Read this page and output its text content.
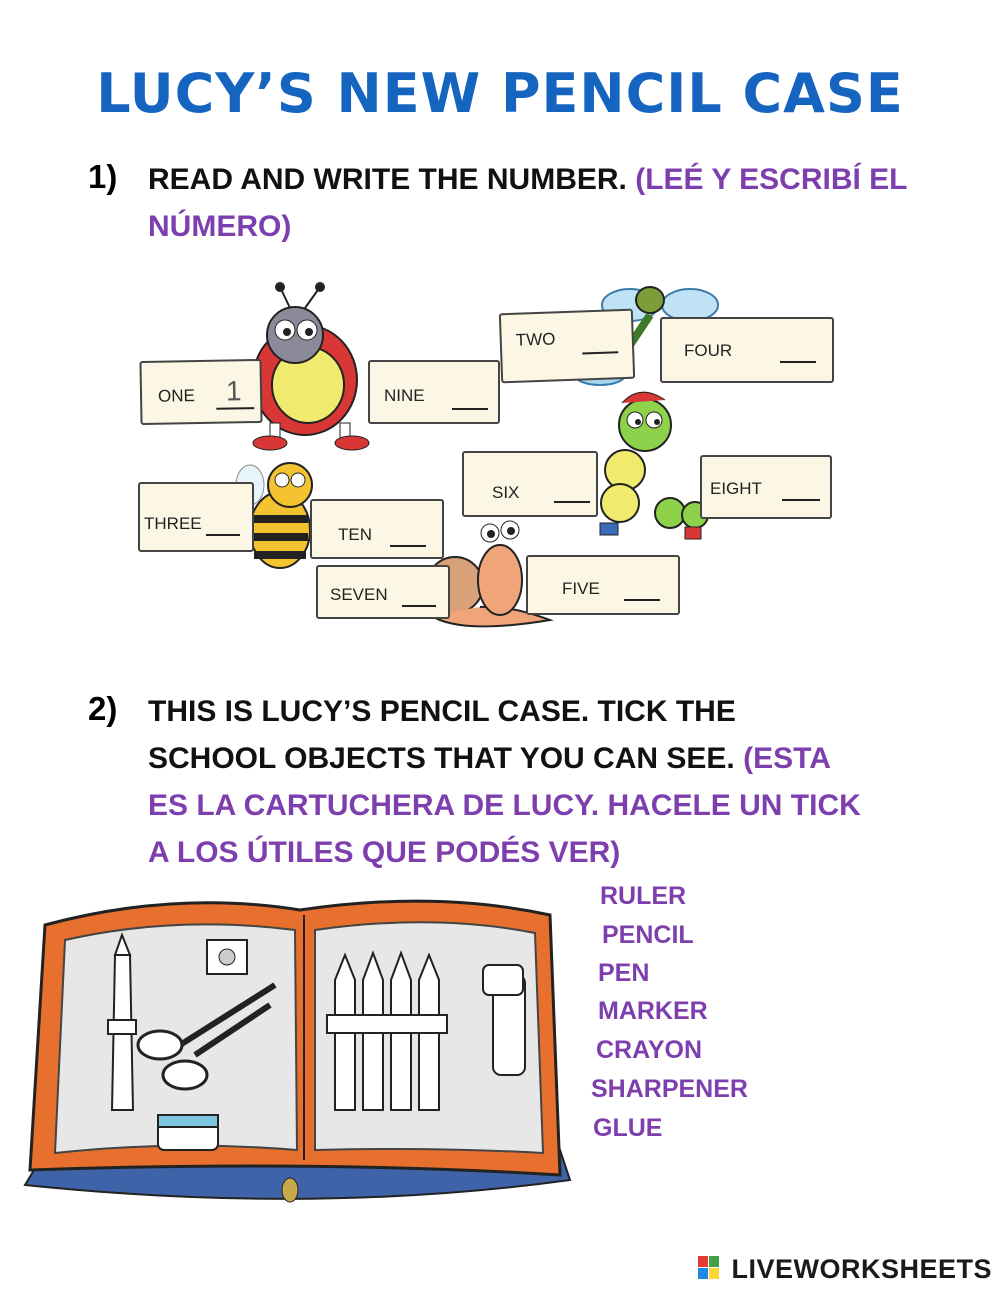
LUCY’S NEW PENCIL CASE
1) READ AND WRITE THE NUMBER. (LEÉ Y ESCRIBÍ EL NÚMERO)
ONE 1	NINE
TWO
FOUR
SIX	EIGHT
THREE
TEN
SEVEN	FIVE
2) THIS IS LUCY’S PENCIL CASE. TICK THE SCHOOL OBJECTS THAT YOU CAN SEE. (ESTA ES LA CARTUCHERA DE LUCY. HACELE UN TICK A LOS ÚTILES QUE PODÉS VER)
RULER
PENCIL
PEN
MARKER
CRAYON
SHARPENER
GLUE
LIVEWORKSHEETS
